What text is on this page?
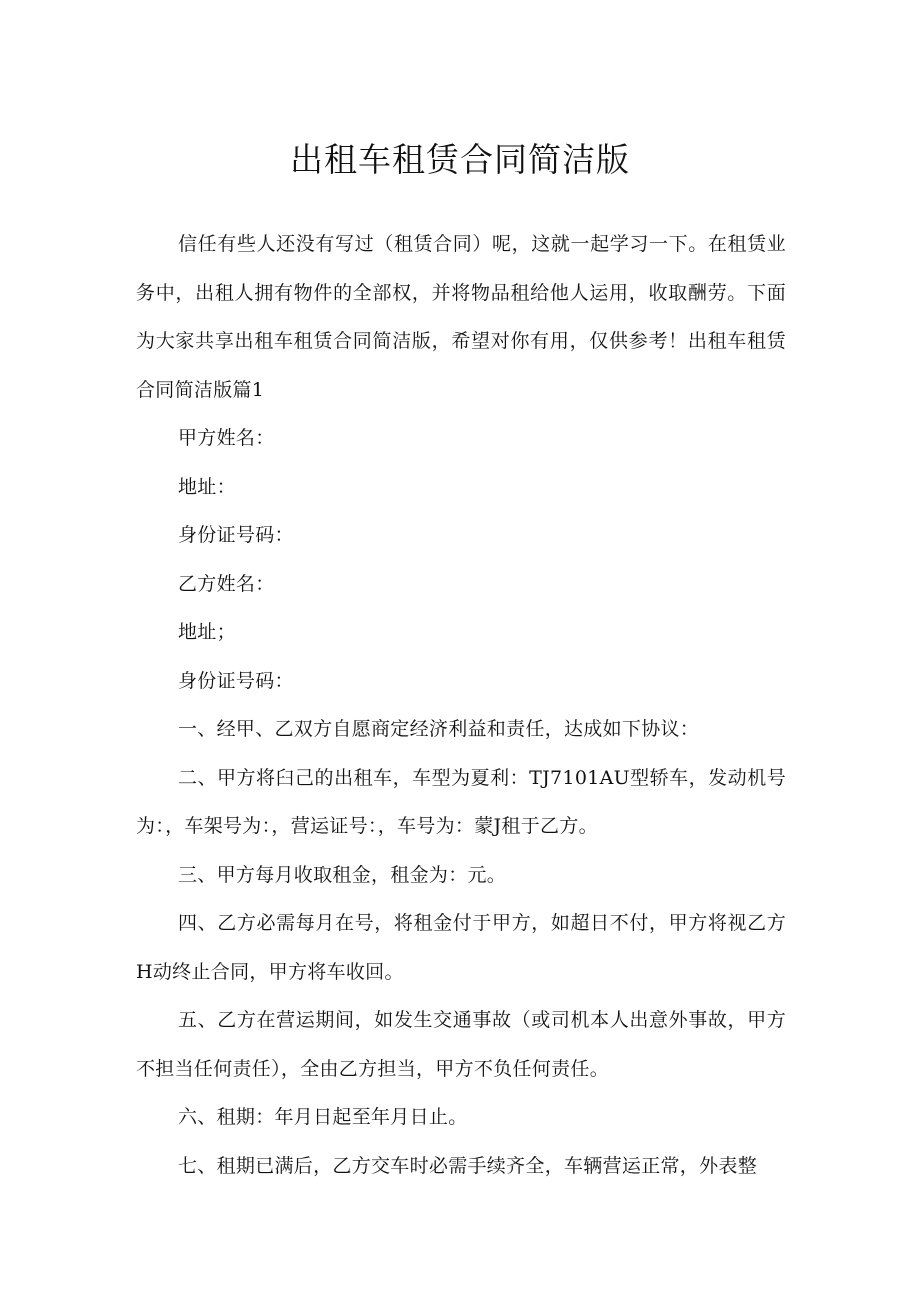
出租车租赁合同简洁版

信任有些人还没有写过（租赁合同）呢，这就一起学习一下。在租赁业务中，出租人拥有物件的全部权，并将物品租给他人运用，收取酬劳。下面为大家共享出租车租赁合同简洁版，希望对你有用，仅供参考！出租车租赁合同简洁版篇1

甲方姓名：

地址：

身份证号码：

乙方姓名：

地址；

身份证号码：

一、经甲、乙双方自愿商定经济利益和责任，达成如下协议：

二、甲方将臼己的出租车，车型为夏利：TJ7101AU型轿车，发动机号为：，车架号为：，营运证号：，车号为：蒙J租于乙方。

三、甲方每月收取租金，租金为：元。

四、乙方必需每月在号，将租金付于甲方，如超日不付，甲方将视乙方H动终止合同，甲方将车收回。

五、乙方在营运期间，如发生交通事故（或司机本人出意外事故，甲方不担当任何责任），全由乙方担当，甲方不负任何责任。

六、租期：年月日起至年月日止。

七、租期已满后，乙方交车时必需手续齐全，车辆营运正常，外表整
